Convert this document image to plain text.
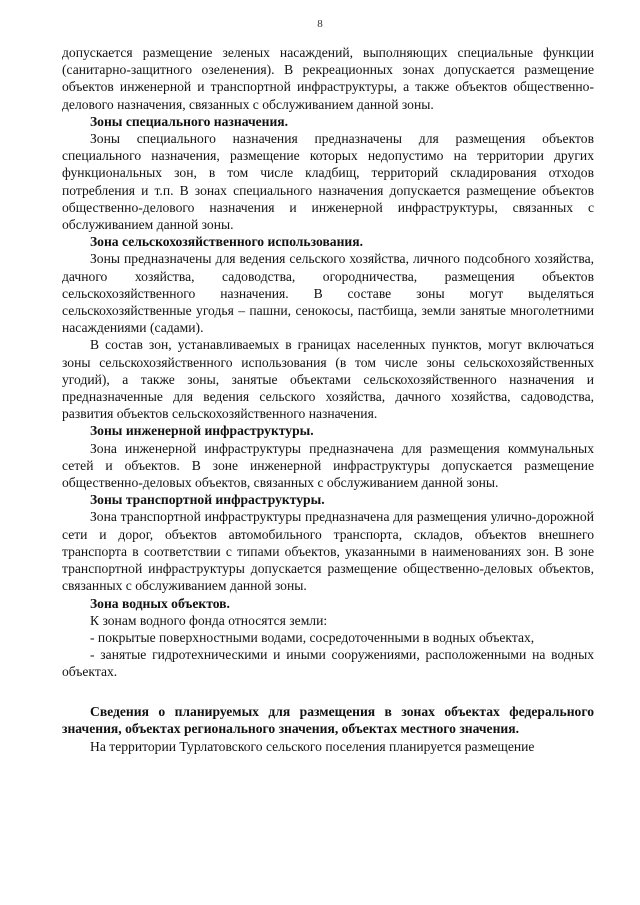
8

допускается размещение зеленых насаждений, выполняющих специальные функции (санитарно-защитного озеленения). В рекреационных зонах допускается размещение объектов инженерной и транспортной инфраструктуры, а также объектов общественно-делового назначения, связанных с обслуживанием данной зоны.

Зоны специального назначения.

Зоны специального назначения предназначены для размещения объектов специального назначения, размещение которых недопустимо на территории других функциональных зон, в том числе кладбищ, территорий складирования отходов потребления и т.п. В зонах специального назначения допускается размещение объектов общественно-делового назначения и инженерной инфраструктуры, связанных с обслуживанием данной зоны.

Зона сельскохозяйственного использования.

Зоны предназначены для ведения сельского хозяйства, личного подсобного хозяйства, дачного хозяйства, садоводства, огородничества, размещения объектов сельскохозяйственного назначения. В составе зоны могут выделяться сельскохозяйственные угодья – пашни, сенокосы, пастбища, земли занятые многолетними насаждениями (садами).

В состав зон, устанавливаемых в границах населенных пунктов, могут включаться зоны сельскохозяйственного использования (в том числе зоны сельскохозяйственных угодий), а также зоны, занятые объектами сельскохозяйственного назначения и предназначенные для ведения сельского хозяйства, дачного хозяйства, садоводства, развития объектов сельскохозяйственного назначения.

Зоны инженерной инфраструктуры.

Зона инженерной инфраструктуры предназначена для размещения коммунальных сетей и объектов. В зоне инженерной инфраструктуры допускается размещение общественно-деловых объектов, связанных с обслуживанием данной зоны.

Зоны транспортной инфраструктуры.

Зона транспортной инфраструктуры предназначена для размещения улично-дорожной сети и дорог, объектов автомобильного транспорта, складов, объектов внешнего транспорта в соответствии с типами объектов, указанными в наименованиях зон. В зоне транспортной инфраструктуры допускается размещение общественно-деловых объектов, связанных с обслуживанием данной зоны.

Зона водных объектов.

К зонам водного фонда относятся земли:

- покрытые поверхностными водами, сосредоточенными в водных объектах,

- занятые гидротехническими и иными сооружениями, расположенными на водных объектах.

Сведения о планируемых для размещения в зонах объектах федерального значения, объектах регионального значения, объектах местного значения.

На территории Турлатовского сельского поселения планируется размещение
